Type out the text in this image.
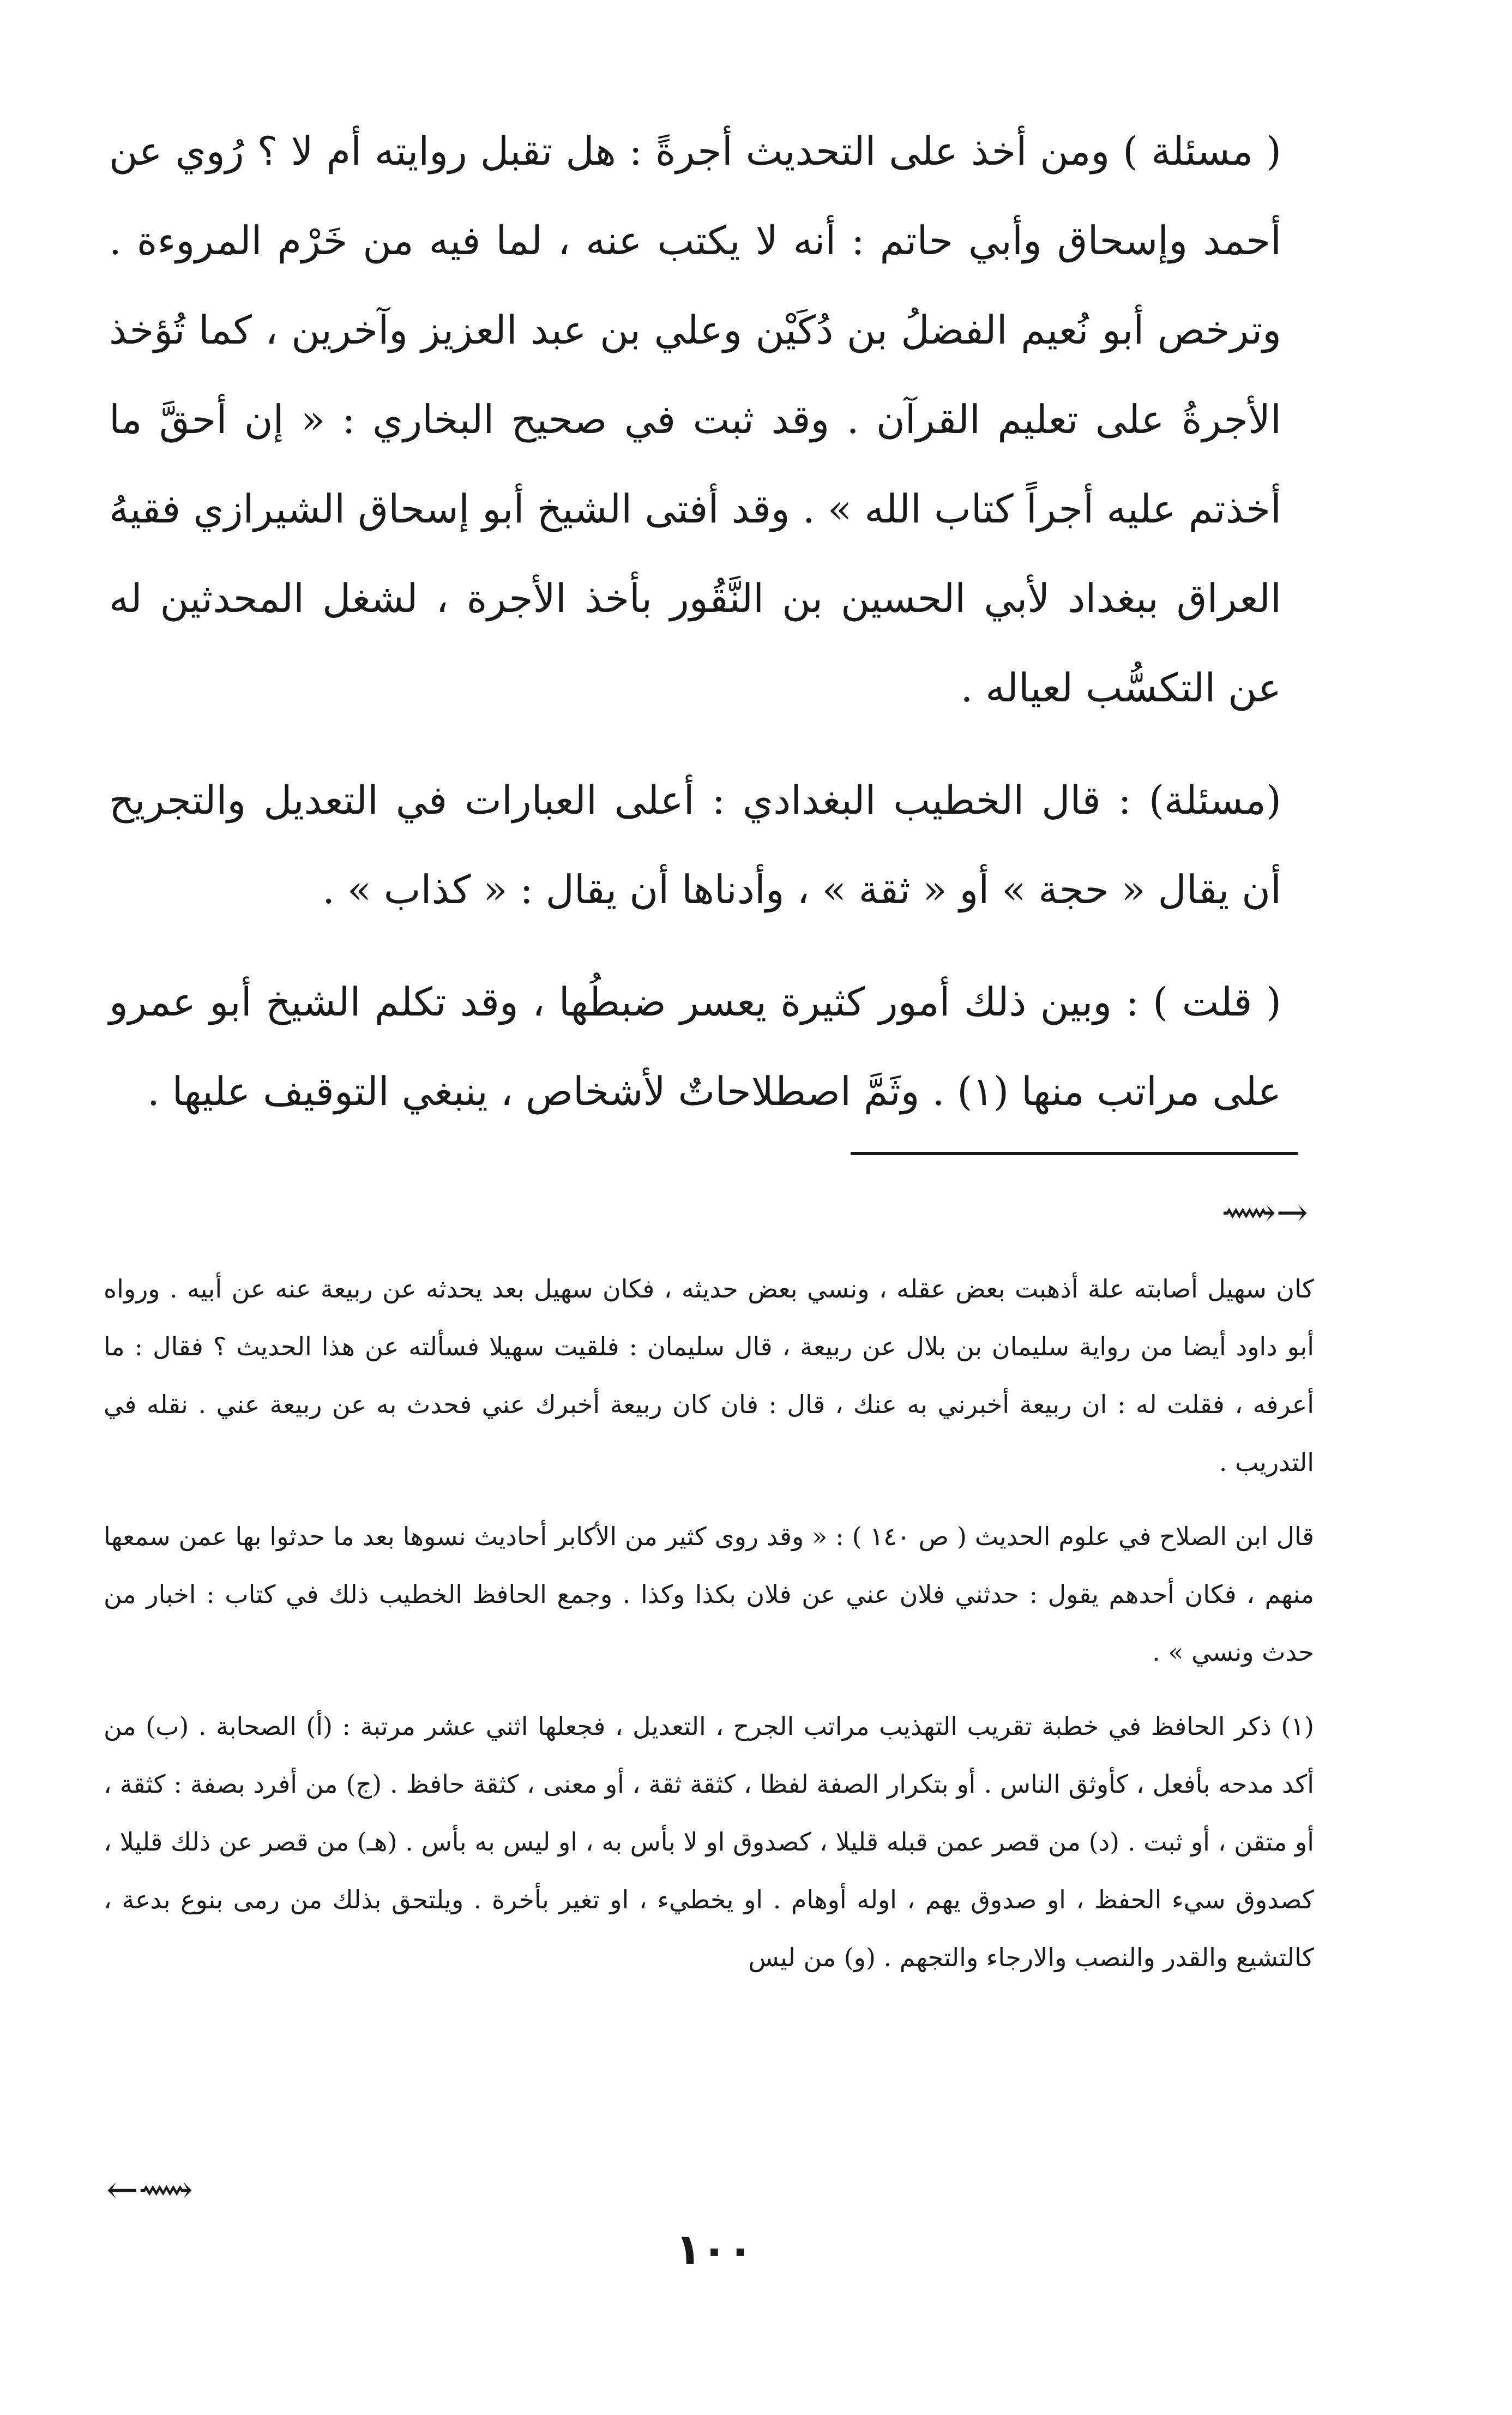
( مسئلة ) ومن أخذ على التحديث أجرةً : هل تقبل روايته أم لا ؟ رُوي عن أحمد وإسحاق وأبي حاتم : أنه لا يكتب عنه ، لما فيه من خَرْم المروءة . وترخص أبو نُعيم الفضلُ بن دُكَيْن وعلي بن عبد العزيز وآخرين ، كما تُؤخذ الأجرةُ على تعليم القرآن . وقد ثبت في صحيح البخاري : « إن أحقَّ ما أخذتم عليه أجراً كتاب الله » . وقد أفتى الشيخ أبو إسحاق الشيرازي فقيهُ العراق ببغداد لأبي الحسين بن النَّقُور بأخذ الأجرة ، لشغل المحدثين له عن التكسُّب لعياله .

(مسئلة) : قال الخطيب البغدادي : أعلى العبارات في التعديل والتجريح أن يقال « حجة » أو « ثقة » ، وأدناها أن يقال : « كذاب » .

( قلت ) : وبين ذلك أمور كثيرة يعسر ضبطُها ، وقد تكلم الشيخ أبو عمرو على مراتب منها (١) . وثَمَّ اصطلاحاتٌ لأشخاص ، ينبغي التوقيف عليها .

⟿→

كان سهيل أصابته علة أذهبت بعض عقله ، ونسي بعض حديثه ، فكان سهيل بعد يحدثه عن ربيعة عنه عن أبيه . ورواه أبو داود أيضا من رواية سليمان بن بلال عن ربيعة ، قال سليمان : فلقيت سهيلا فسألته عن هذا الحديث ؟ فقال : ما أعرفه ، فقلت له : ان ربيعة أخبرني به عنك ، قال : فان كان ربيعة أخبرك عني فحدث به عن ربيعة عني . نقله في التدريب .

قال ابن الصلاح في علوم الحديث ( ص ١٤٠ ) : « وقد روى كثير من الأكابر أحاديث نسوها بعد ما حدثوا بها عمن سمعها منهم ، فكان أحدهم يقول : حدثني فلان عني عن فلان بكذا وكذا . وجمع الحافظ الخطيب ذلك في كتاب : اخبار من حدث ونسي » .

(١) ذكر الحافظ في خطبة تقريب التهذيب مراتب الجرح ، التعديل ، فجعلها اثني عشر مرتبة : (أ) الصحابة . (ب) من أكد مدحه بأفعل ، كأوثق الناس . أو بتكرار الصفة لفظا ، كثقة ثقة ، أو معنى ، كثقة حافظ . (ج) من أفرد بصفة : كثقة ، أو متقن ، أو ثبت . (د) من قصر عمن قبله قليلا ، كصدوق او لا بأس به ، او ليس به بأس . (هـ) من قصر عن ذلك قليلا ، كصدوق سيء الحفظ ، او صدوق يهم ، اوله أوهام . او يخطيء ، او تغير بأخرة . ويلتحق بذلك من رمى بنوع بدعة ، كالتشيع والقدر والنصب والارجاء والتجهم . (و) من ليس

←⟿
١٠٠
